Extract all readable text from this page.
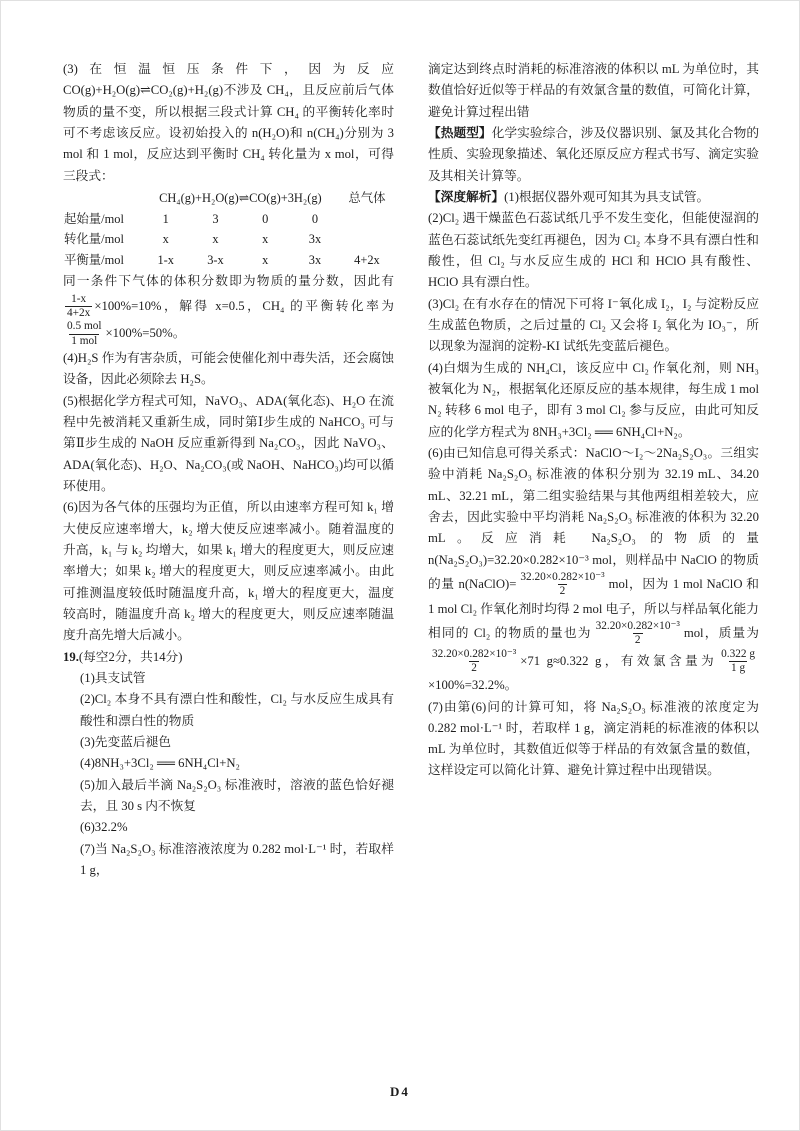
(3)在恒温恒压条件下，因为反应 CO(g)+H₂O(g)⇌CO₂(g)+H₂(g)不涉及 CH₄，且反应前后气体物质的量不变，所以根据三段式计算 CH₄ 的平衡转化率时可不考虑该反应。设初始投入的 n(H₂O)和 n(CH₄)分别为 3 mol 和 1 mol，反应达到平衡时 CH₄ 转化量为 x mol，可得三段式：

	CH₄(g)+H₂O(g)⇌CO(g)+3H₂(g)				总气体
起始量/mol	1	3	0	0	
转化量/mol	x	x	x	3x	
平衡量/mol	1-x	3-x	x	3x	4+2x

同一条件下气体的体积分数即为物质的量分数，因此有
$\frac{1-x}{4+2x} \times 100\%=10\%$，解得 x=0.5，CH₄ 的平衡转化率为
$\frac{\text{0.5 mol}}{\text{1 mol}} \times 100\%=50\%$。

(4)H₂S 作为有害杂质，可能会使催化剂中毒失活，还会腐蚀设备，因此必须除去 H₂S。

(5)根据化学方程式可知，NaVO₃、ADA(氧化态)、H₂O 在流程中先被消耗又重新生成，同时第Ⅰ步生成的 NaHCO₃ 可与第Ⅱ步生成的 NaOH 反应重新得到 Na₂CO₃，因此 NaVO₃、ADA(氧化态)、H₂O、Na₂CO₃(或 NaOH、NaHCO₃)均可以循环使用。

(6)因为各气体的压强均为正值，所以由速率方程可知 k₁ 增大使反应速率增大，k₂ 增大使反应速率减小。随着温度的升高，k₁ 与 k₂ 均增大，如果 k₁ 增大的程度更大，则反应速率增大；如果 k₂ 增大的程度更大，则反应速率减小。由此可推测温度较低时随温度升高，k₁ 增大的程度更大，温度较高时，随温度升高 k₂ 增大的程度更大，则反应速率随温度升高先增大后减小。

19.(每空2分，共14分)

(1)具支试管

(2)Cl₂ 本身不具有漂白性和酸性，Cl₂ 与水反应生成具有酸性和漂白性的物质

(3)先变蓝后褪色

(4)8NH₃+3Cl₂ ══ 6NH₄Cl+N₂

(5)加入最后半滴 Na₂S₂O₃ 标准液时，溶液的蓝色恰好褪去，且 30 s 内不恢复

(6)32.2%

(7)当 Na₂S₂O₃ 标准溶液浓度为 0.282 mol·L⁻¹ 时，若取样 1 g，

滴定达到终点时消耗的标准溶液的体积以 mL 为单位时，其数值恰好近似等于样品的有效氯含量的数值，可简化计算，避免计算过程出错

【热题型】化学实验综合，涉及仪器识别、氯及其化合物的性质、实验现象描述、氧化还原反应方程式书写、滴定实验及其相关计算等。

【深度解析】(1)根据仪器外观可知其为具支试管。

(2)Cl₂ 遇干燥蓝色石蕊试纸几乎不发生变化，但能使湿润的蓝色石蕊试纸先变红再褪色，因为 Cl₂ 本身不具有漂白性和酸性，但 Cl₂ 与水反应生成的 HCl 和 HClO 具有酸性、HClO 具有漂白性。

(3)Cl₂ 在有水存在的情况下可将 I⁻氧化成 I₂，I₂ 与淀粉反应生成蓝色物质，之后过量的 Cl₂ 又会将 I₂ 氧化为 IO₃⁻，所以现象为湿润的淀粉-KI 试纸先变蓝后褪色。

(4)白烟为生成的 NH₄Cl，该反应中 Cl₂ 作氧化剂，则 NH₃ 被氧化为 N₂，根据氧化还原反应的基本规律，每生成 1 mol N₂ 转移 6 mol 电子，即有 3 mol Cl₂ 参与反应，由此可知反应的化学方程式为 8NH₃+3Cl₂ ══ 6NH₄Cl+N₂。

(6)由已知信息可得关系式：NaClO～I₂～2Na₂S₂O₃。三组实验中消耗 Na₂S₂O₃ 标准液的体积分别为 32.19 mL、34.20 mL、32.21 mL，第二组实验结果与其他两组相差较大，应舍去，因此实验中平均消耗 Na₂S₂O₃ 标准液的体积为 32.20 mL。反应消耗 Na₂S₂O₃ 的物质的量 n(Na₂S₂O₃)=32.20×0.282×10⁻³ mol，则样品中 NaClO 的物质的量 n(NaClO)= $\frac{\text{32.20×0.282×10⁻³}}{2}$ mol，因为 1 mol NaClO 和 1 mol Cl₂ 作氧化剂时均得 2 mol 电子，所以与样品氧化能力相同的 Cl₂ 的物质的量也为 $\frac{\text{32.20×0.282×10⁻³}}{2}$ mol，质量为
$\frac{\text{32.20×0.282×10⁻³}}{2} \times 71$ g≈0.322 g，有效氯含量为 $\frac{0.322 g}{1 g}$
×100%=32.2%。

(7)由第(6)问的计算可知，将 Na₂S₂O₃ 标准液的浓度定为 0.282 mol·L⁻¹ 时，若取样 1 g，滴定消耗的标准液的体积以 mL 为单位时，其数值近似等于样品的有效氯含量的数值，这样设定可以简化计算、避免计算过程中出现错误。

D4
